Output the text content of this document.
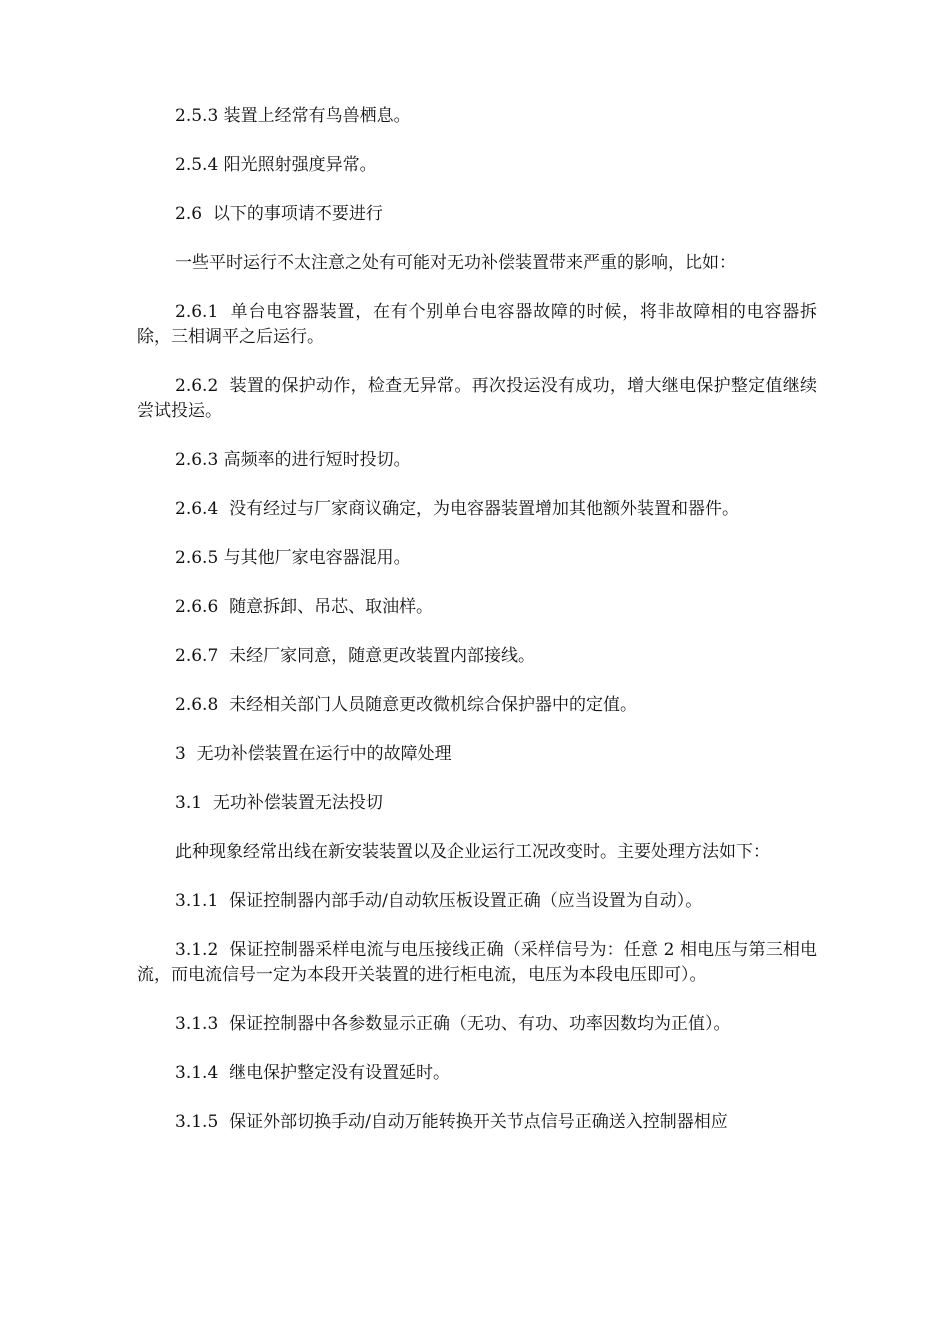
2.5.3 装置上经常有鸟兽栖息。

2.5.4 阳光照射强度异常。

2.6  以下的事项请不要进行

一些平时运行不太注意之处有可能对无功补偿装置带来严重的影响，比如：

2.6.1  单台电容器装置，在有个别单台电容器故障的时候，将非故障相的电容器拆除，三相调平之后运行。

2.6.2  装置的保护动作，检查无异常。再次投运没有成功，增大继电保护整定值继续尝试投运。

2.6.3 高频率的进行短时投切。

2.6.4  没有经过与厂家商议确定，为电容器装置增加其他额外装置和器件。

2.6.5 与其他厂家电容器混用。

2.6.6  随意拆卸、吊芯、取油样。

2.6.7  未经厂家同意，随意更改装置内部接线。

2.6.8  未经相关部门人员随意更改微机综合保护器中的定值。

3  无功补偿装置在运行中的故障处理

3.1  无功补偿装置无法投切

此种现象经常出线在新安装装置以及企业运行工况改变时。主要处理方法如下：

3.1.1  保证控制器内部手动/自动软压板设置正确（应当设置为自动）。

3.1.2  保证控制器采样电流与电压接线正确（采样信号为：任意 2 相电压与第三相电流，而电流信号一定为本段开关装置的进行柜电流，电压为本段电压即可）。

3.1.3  保证控制器中各参数显示正确（无功、有功、功率因数均为正值）。

3.1.4  继电保护整定没有设置延时。

3.1.5  保证外部切换手动/自动万能转换开关节点信号正确送入控制器相应
